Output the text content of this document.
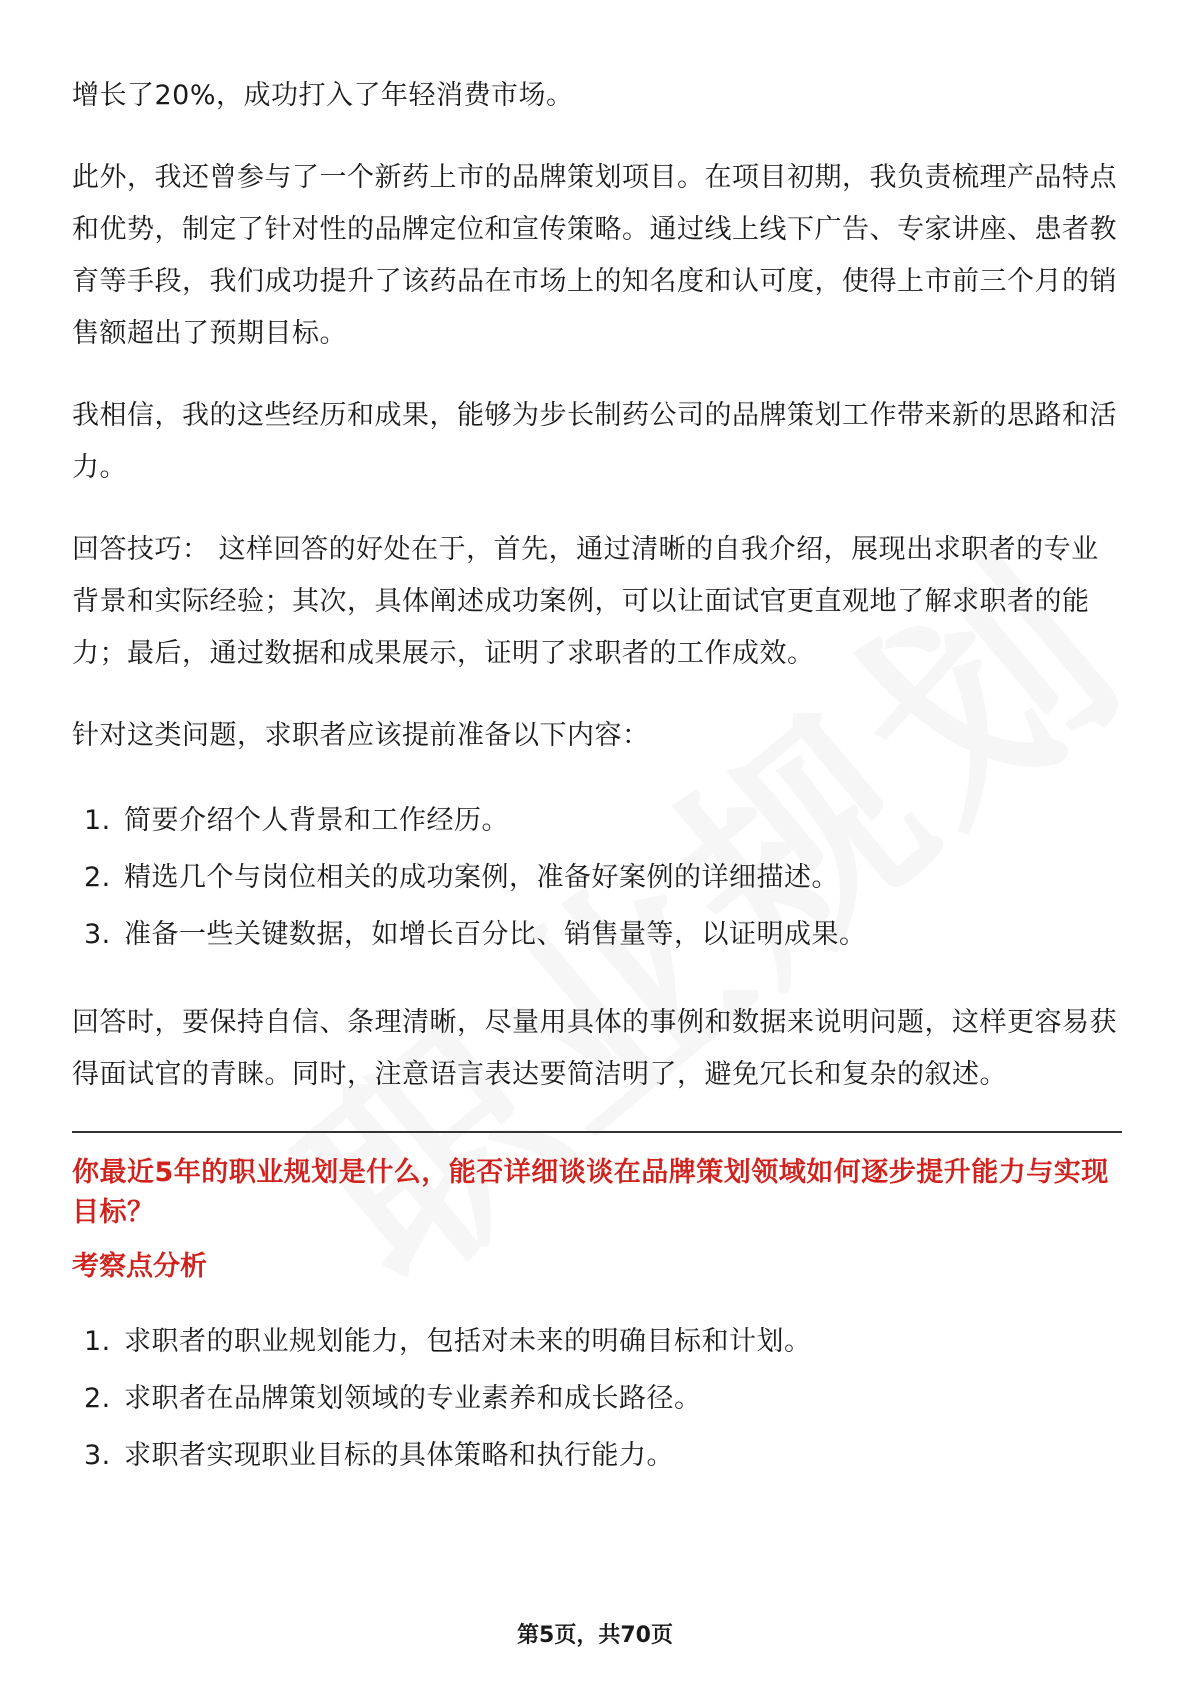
增长了20%，成功打入了年轻消费市场。

此外，我还曾参与了一个新药上市的品牌策划项目。在项目初期，我负责梳理产品特点和优势，制定了针对性的品牌定位和宣传策略。通过线上线下广告、专家讲座、患者教育等手段，我们成功提升了该药品在市场上的知名度和认可度，使得上市前三个月的销售额超出了预期目标。

我相信，我的这些经历和成果，能够为步长制药公司的品牌策划工作带来新的思路和活力。

回答技巧： 这样回答的好处在于，首先，通过清晰的自我介绍，展现出求职者的专业背景和实际经验；其次，具体阐述成功案例，可以让面试官更直观地了解求职者的能力；最后，通过数据和成果展示，证明了求职者的工作成效。

针对这类问题，求职者应该提前准备以下内容：

1. 简要介绍个人背景和工作经历。
2. 精选几个与岗位相关的成功案例，准备好案例的详细描述。
3. 准备一些关键数据，如增长百分比、销售量等，以证明成果。

回答时，要保持自信、条理清晰，尽量用具体的事例和数据来说明问题，这样更容易获得面试官的青睐。同时，注意语言表达要简洁明了，避免冗长和复杂的叙述。

你最近5年的职业规划是什么，能否详细谈谈在品牌策划领域如何逐步提升能力与实现目标？

考察点分析

1. 求职者的职业规划能力，包括对未来的明确目标和计划。
2. 求职者在品牌策划领域的专业素养和成长路径。
3. 求职者实现职业目标的具体策略和执行能力。
第5页，共70页
